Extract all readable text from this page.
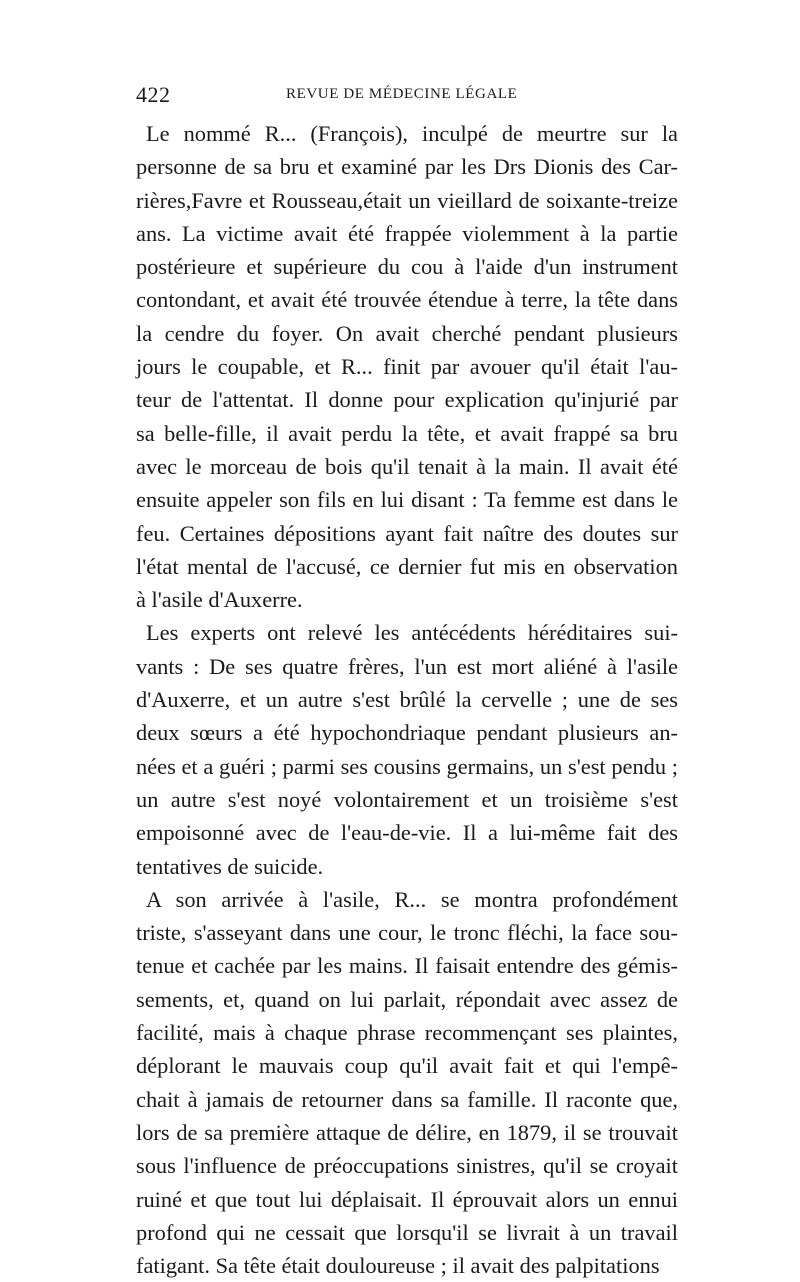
422	REVUE DE MÉDECINE LÉGALE
Le nommé R... (François), inculpé de meurtre sur la
personne de sa bru et examiné par les Drs Dionis des Car-
rières,Favre et Rousseau,était un vieillard de soixante-treize
ans. La victime avait été frappée violemment à la partie
postérieure et supérieure du cou à l'aide d'un instrument
contondant, et avait été trouvée étendue à terre, la tête dans
la cendre du foyer. On avait cherché pendant plusieurs
jours le coupable, et R... finit par avouer qu'il était l'au-
teur de l'attentat. Il donne pour explication qu'injurié par
sa belle-fille, il avait perdu la tête, et avait frappé sa bru
avec le morceau de bois qu'il tenait à la main. Il avait été
ensuite appeler son fils en lui disant : Ta femme est dans le
feu. Certaines dépositions ayant fait naître des doutes sur
l'état mental de l'accusé, ce dernier fut mis en observation
à l'asile d'Auxerre.
Les experts ont relevé les antécédents héréditaires sui-
vants : De ses quatre frères, l'un est mort aliéné à l'asile
d'Auxerre, et un autre s'est brûlé la cervelle ; une de ses
deux sœurs a été hypochondriaque pendant plusieurs an-
nées et a guéri ; parmi ses cousins germains, un s'est pendu ;
un autre s'est noyé volontairement et un troisième s'est
empoisonné avec de l'eau-de-vie. Il a lui-même fait des
tentatives de suicide.
A son arrivée à l'asile, R... se montra profondément
triste, s'asseyant dans une cour, le tronc fléchi, la face sou-
tenue et cachée par les mains. Il faisait entendre des gémis-
sements, et, quand on lui parlait, répondait avec assez de
facilité, mais à chaque phrase recommençant ses plaintes,
déplorant le mauvais coup qu'il avait fait et qui l'empê-
chait à jamais de retourner dans sa famille. Il raconte que,
lors de sa première attaque de délire, en 1879, il se trouvait
sous l'influence de préoccupations sinistres, qu'il se croyait
ruiné et que tout lui déplaisait. Il éprouvait alors un ennui
profond qui ne cessait que lorsqu'il se livrait à un travail
fatigant. Sa tête était douloureuse ; il avait des palpitations
